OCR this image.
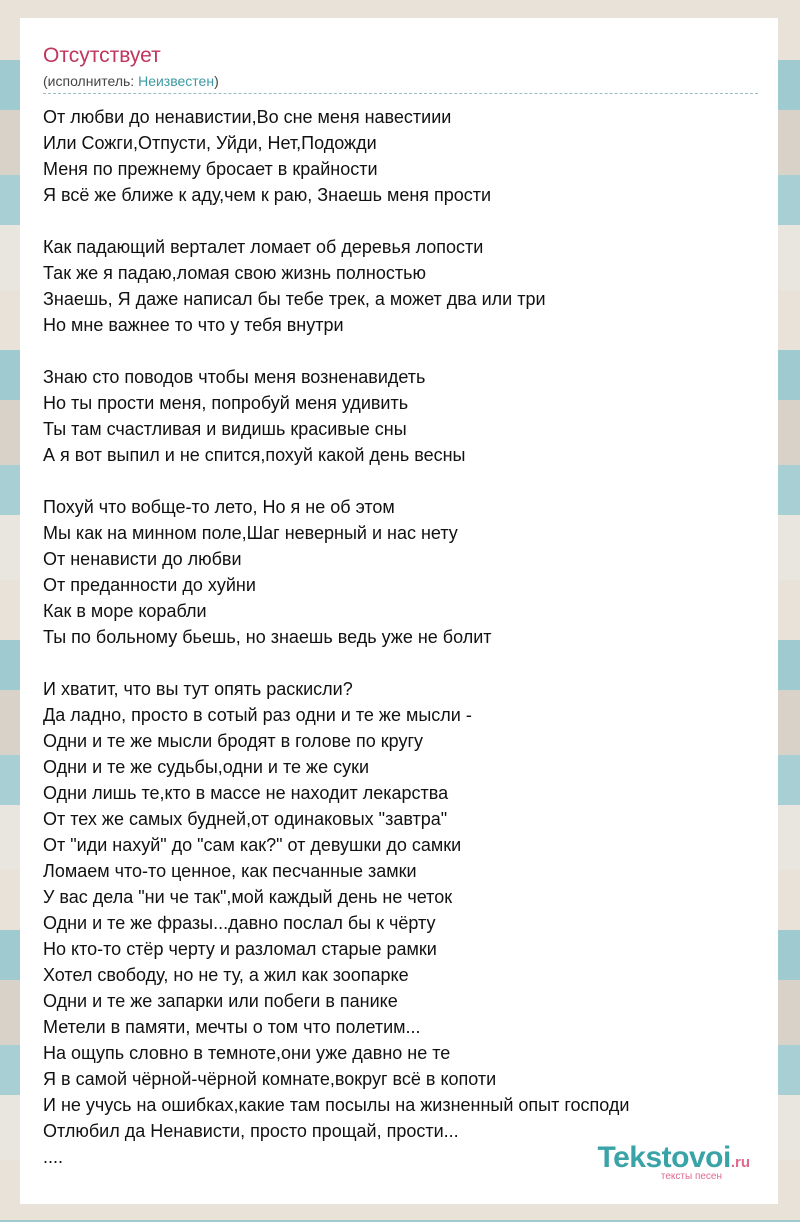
Отсутствует
(исполнитель: Неизвестен)
От любви до ненавистии,Во сне меня навестиии
Или Сожги,Отпусти, Уйди, Нет,Подожди
Меня по прежнему бросает в крайности
Я всё же ближе к аду,чем к раю, Знаешь меня прости

Как падающий верталет ломает об деревья лопости
Так же я падаю,ломая свою жизнь полностью
Знаешь, Я даже написал бы тебе трек, а может два или три
Но мне важнее то что у тебя внутри

Знаю сто поводов чтобы меня возненавидеть
Но ты прости меня, попробуй меня удивить
Ты там счастливая и видишь красивые сны
А я вот выпил и не спится,похуй какой день весны

Похуй что вобще-то лето, Но я не об этом
Мы как на минном поле,Шаг неверный и нас нету
От ненависти до любви
От преданности до хуйни
Как в море корабли
Ты по больному бьешь, но знаешь ведь уже не болит

И хватит, что вы тут опять раскисли?
Да ладно, просто в сотый раз одни и те же мысли -
Одни и те же мысли бродят в голове по кругу
Одни и те же судьбы,одни и те же суки
Одни лишь те,кто в массе не находит лекарства
От тех же самых будней,от одинаковых "завтра"
От "иди нахуй" до "сам как?" от девушки до самки
Ломаем что-то ценное, как песчанные замки
У вас дела "ни че так",мой каждый день не четок
Одни и те же фразы...давно послал бы к чёрту
Но кто-то стёр черту и разломал старые рамки
Хотел свободу, но не ту, а жил как зоопарке
Одни и те же запарки или побеги в панике
Метели в памяти, мечты о том что полетим...
На ощупь словно в темноте,они уже давно не те
Я в самой чёрной-чёрной комнате,вокруг всё в копоти
И не учусь на ошибках,какие там посылы на жизненный опыт господи
Отлюбил да Ненависти, просто прощай, прости...
....	Tekstovoi.ru
тексты песен
